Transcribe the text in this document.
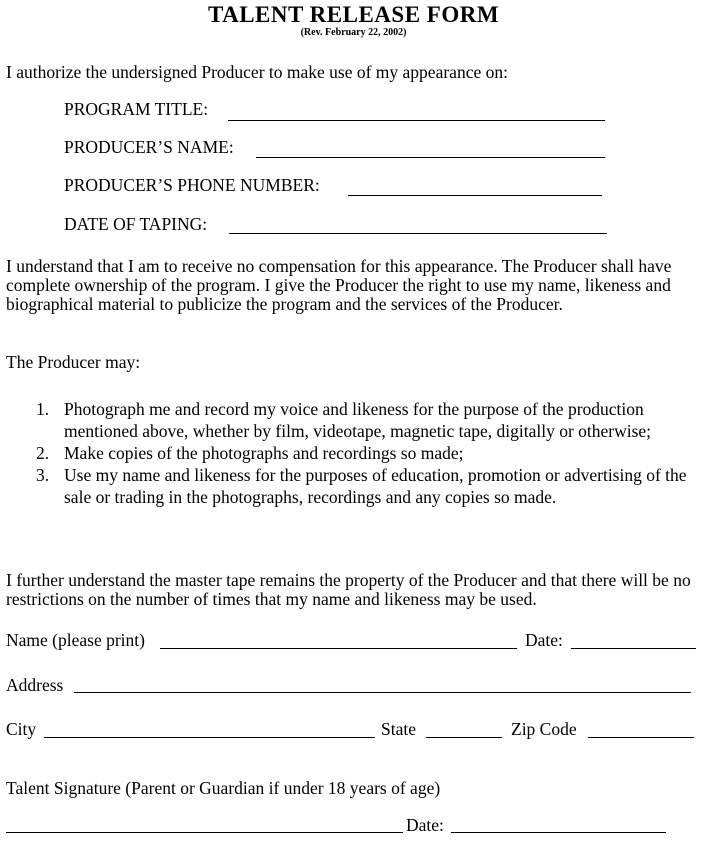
TALENT RELEASE FORM
(Rev. February 22, 2002)
I authorize the undersigned Producer to make use of my appearance on:
PROGRAM TITLE:
PRODUCER’S NAME:
PRODUCER’S PHONE NUMBER:
DATE OF TAPING:
I understand that I am to receive no compensation for this appearance. The Producer shall have complete ownership of the program. I give the Producer the right to use my name, likeness and biographical material to publicize the program and the services of the Producer.
The Producer may:
1. Photograph me and record my voice and likeness for the purpose of the production mentioned above, whether by film, videotape, magnetic tape, digitally or otherwise;
2. Make copies of the photographs and recordings so made;
3. Use my name and likeness for the purposes of education, promotion or advertising of the sale or trading in the photographs, recordings and any copies so made.
I further understand the master tape remains the property of the Producer and that there will be no restrictions on the number of times that my name and likeness may be used.
Name (please print)	Date:
Address
City	State	Zip Code
Talent Signature (Parent or Guardian if under 18 years of age)
Date:
